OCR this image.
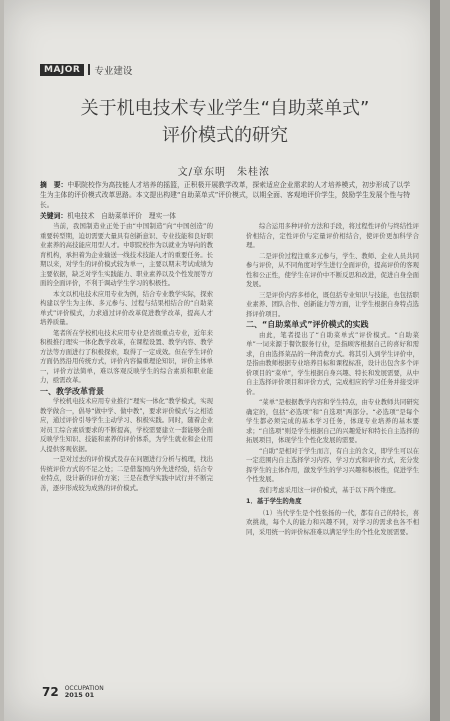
MAJOR	专业建设
关于机电技术专业学生“自助菜单式”
评价模式的研究
文/章东明　朱桂浓
摘　要：中职院校作为高技能人才培养的摇篮，正积极开展教学改革，探索适应企业需求的人才培养模式，初步形成了以学生为主体的评价模式改革思路。本文提出构建“自助菜单式”评价模式，以期全面、客观地评价学生，鼓励学生发展个性与特长。
关键词：机电技术　自助菜单评价　理实一体

当前，我国制造业正处于由“中国制造”向“中国创造”的重要转型期，迫切需要大量具有创新意识、专业技能和良好职业素养的高技能应用型人才。中职院校作为以就业为导向的教育机构，承担着为企业输送一线技术技能人才的重要任务。长期以来，对学生的评价模式较为单一，主要以期末考试成绩为主要依据，缺乏对学生实践能力、职业素养以及个性发展等方面的全面评价，不利于调动学生学习的积极性。

本文以机电技术应用专业为例，结合专业教学实际，探索构建以学生为主体、多元参与、过程与结果相结合的“自助菜单式”评价模式，力求通过评价改革促进教学改革，提高人才培养质量。

笔者所在学校机电技术应用专业是省级重点专业，近年来积极推行理实一体化教学改革，在课程设置、教学内容、教学方法等方面进行了积极探索，取得了一定成效。但在学生评价方面仍然沿用传统方式，评价内容偏重理论知识，评价主体单一，评价方法简单，难以客观反映学生的综合素质和职业能力，亟需改革。

一、教学改革背景

学校机电技术应用专业推行“理实一体化”教学模式，实现教学做合一，倡导“做中学、做中教”，要求评价模式与之相适应，通过评价引导学生主动学习、积极实践。同时，随着企业对员工综合素质要求的不断提高，学校需要建立一套能够全面反映学生知识、技能和素养的评价体系，为学生就业和企业用人提供客观依据。

一是对过去的评价模式及存在问题进行分析与梳理，找出传统评价方式的不足之处；二是借鉴国内外先进经验，结合专业特点，设计新的评价方案；三是在教学实践中试行并不断完善，逐步形成较为成熟的评价模式。

综合运用多种评价方法和手段，将过程性评价与终结性评价相结合，定性评价与定量评价相结合，使评价更加科学合理。

二是评价过程注重多元参与，学生、教师、企业人员共同参与评价，从不同角度对学生进行全面评价，提高评价的客观性和公正性，使学生在评价中不断反思和改进，促进自身全面发展。

三是评价内容多样化，既包括专业知识与技能，也包括职业素养、团队合作、创新能力等方面，让学生根据自身特点选择评价项目。

二、“自助菜单式”评价模式的实践

由此，笔者提出了“自助菜单式”评价模式。“自助菜单”一词来源于餐饮服务行业，是指顾客根据自己的喜好和需求，自由选择菜品的一种消费方式。将其引入到学生评价中，是指由教师根据专业培养目标和课程标准，设计出包含多个评价项目的“菜单”，学生根据自身兴趣、特长和发展需要，从中自主选择评价项目和评价方式，完成相应的学习任务并接受评价。

“菜单”是根据教学内容和学生特点，由专业教师共同研究确定的，包括“必选项”和“自选项”两部分。“必选项”是每个学生都必须完成的基本学习任务，体现专业培养的基本要求；“自选项”则是学生根据自己的兴趣爱好和特长自主选择的拓展项目，体现学生个性化发展的需要。

“自助”是相对于学生而言，有自主的含义，即学生可以在一定范围内自主选择学习内容、学习方式和评价方式，充分发挥学生的主体作用，激发学生的学习兴趣和积极性，促进学生个性发展。

我们考虑采用这一评价模式，基于以下两个维度。

1．基于学生的角度

（1）当代学生是个性张扬的一代，都有自己的特长，喜欢挑战，每个人的能力和兴趣不同，对学习的需求也各不相同，采用统一的评价标准难以满足学生的个性化发展需要。

72 OCCUPATION
2015 01
